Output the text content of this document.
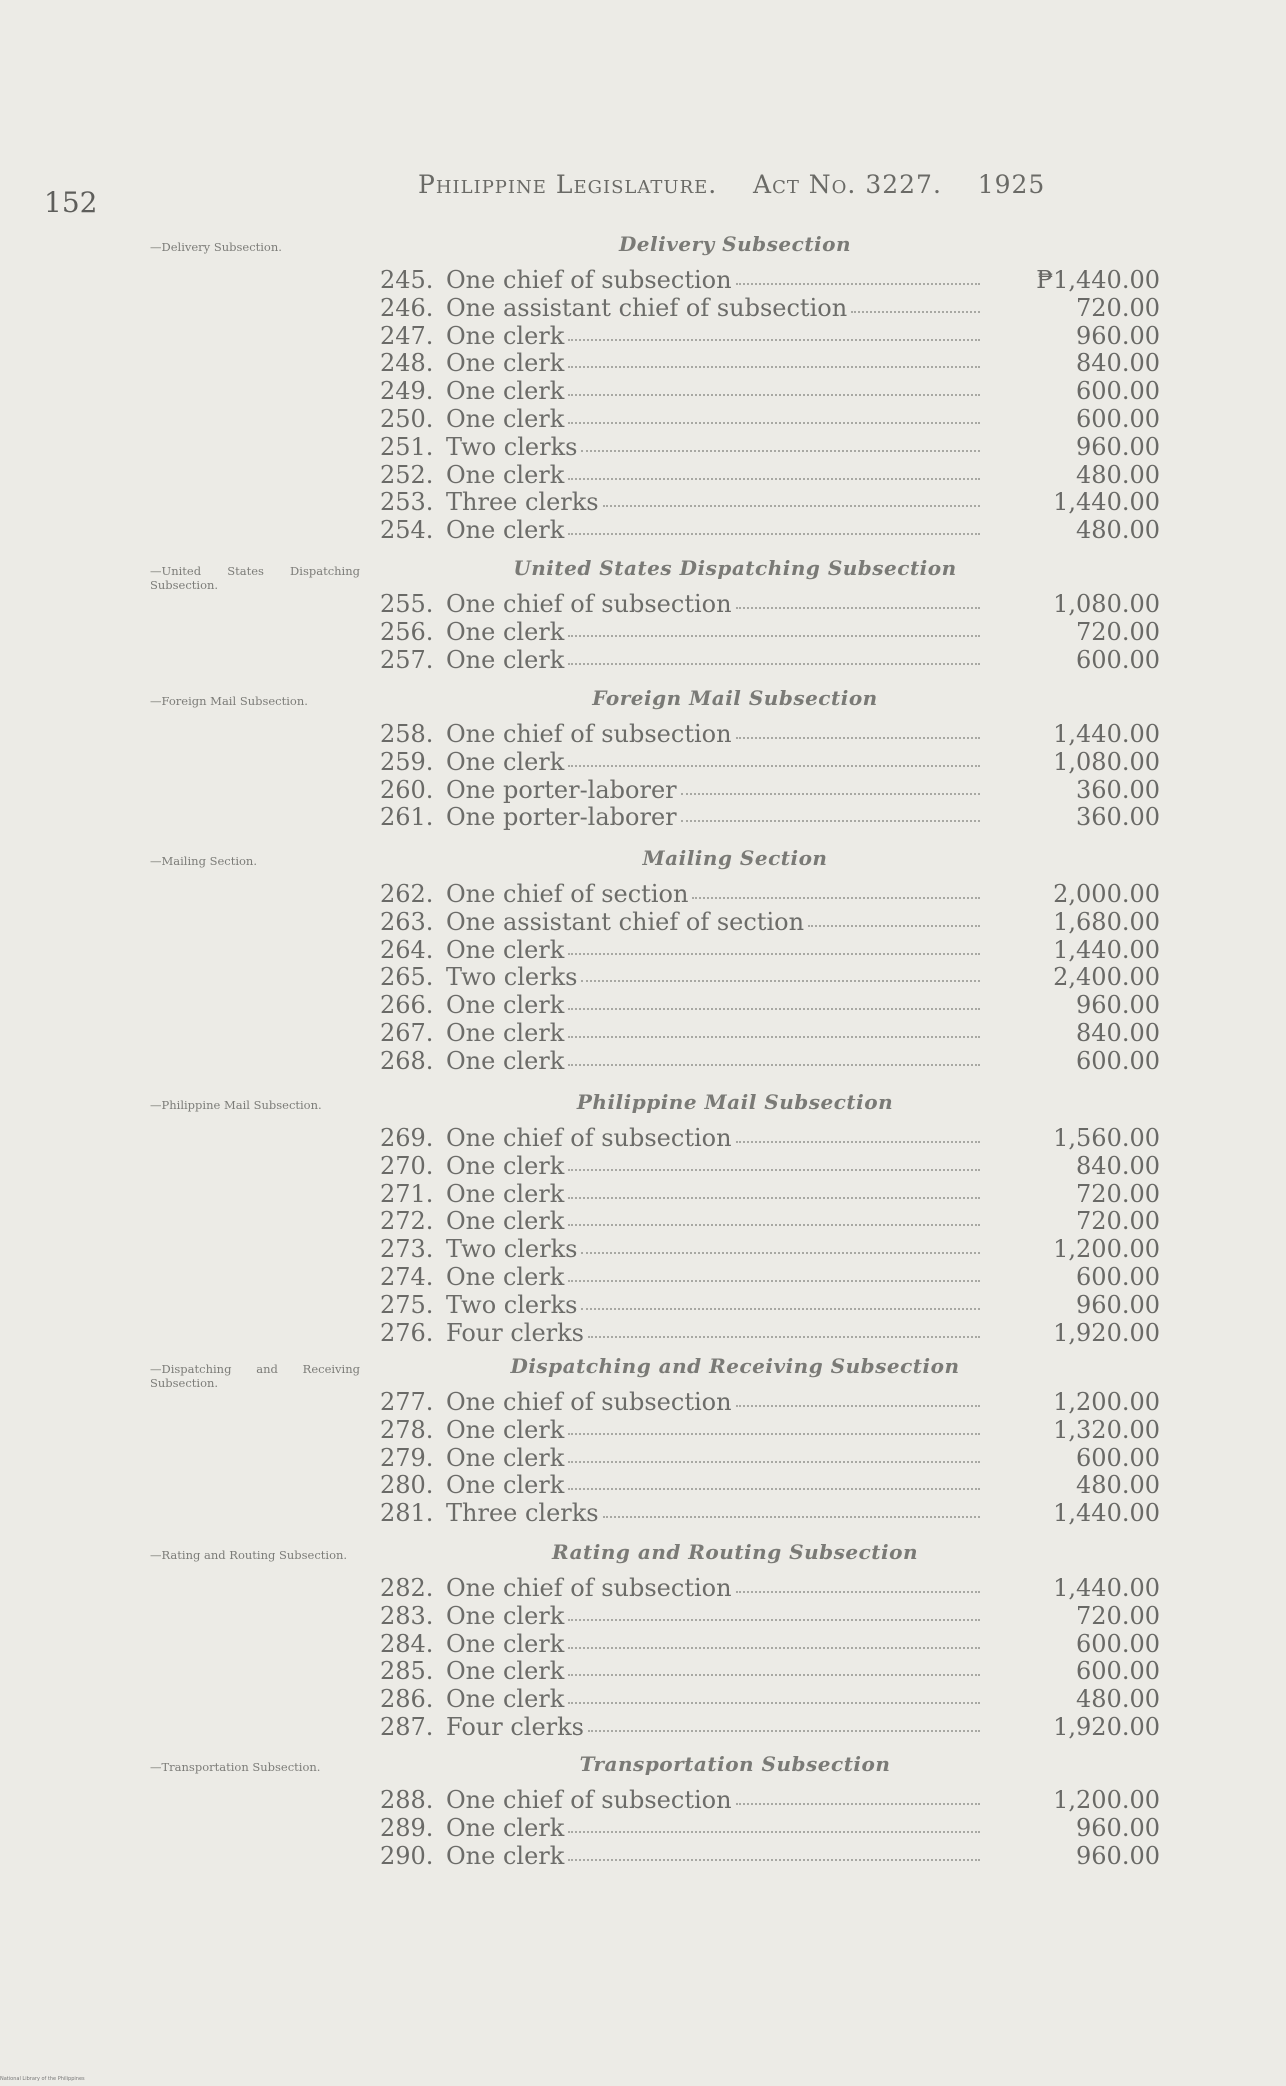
152
Philippine Legislature. Act No. 3227. 1925
—Delivery Subsection.	Delivery Subsection
245. One chief of subsection	₱1,440.00
246. One assistant chief of subsection	720.00
247. One clerk	960.00
248. One clerk	840.00
249. One clerk	600.00
250. One clerk	600.00
251. Two clerks	960.00
252. One clerk	480.00
253. Three clerks	1,440.00
254. One clerk	480.00
—United States Dispatching Subsection.
United States Dispatching Subsection
255. One chief of subsection	1,080.00
256. One clerk	720.00
257. One clerk	600.00
—Foreign Mail Subsection.	Foreign Mail Subsection
258. One chief of subsection	1,440.00
259. One clerk	1,080.00
260. One porter-laborer	360.00
261. One porter-laborer	360.00
—Mailing Section.	Mailing Section
262. One chief of section	2,000.00
263. One assistant chief of section	1,680.00
264. One clerk	1,440.00
265. Two clerks	2,400.00
266. One clerk	960.00
267. One clerk	840.00
268. One clerk	600.00
—Philippine Mail Subsection.	Philippine Mail Subsection
269. One chief of subsection	1,560.00
270. One clerk	840.00
271. One clerk	720.00
272. One clerk	720.00
273. Two clerks	1,200.00
274. One clerk	600.00
275. Two clerks	960.00
276. Four clerks	1,920.00
—Dispatching and Receiving Subsection.
Dispatching and Receiving Subsection
277. One chief of subsection	1,200.00
278. One clerk	1,320.00
279. One clerk	600.00
280. One clerk	480.00
281. Three clerks	1,440.00
—Rating and Routing Subsection.	Rating and Routing Subsection
282. One chief of subsection	1,440.00
283. One clerk	720.00
284. One clerk	600.00
285. One clerk	600.00
286. One clerk	480.00
287. Four clerks	1,920.00
—Transportation Subsection.	Transportation Subsection
288. One chief of subsection	1,200.00
289. One clerk	960.00
290. One clerk	960.00
National Library of the Philippines
